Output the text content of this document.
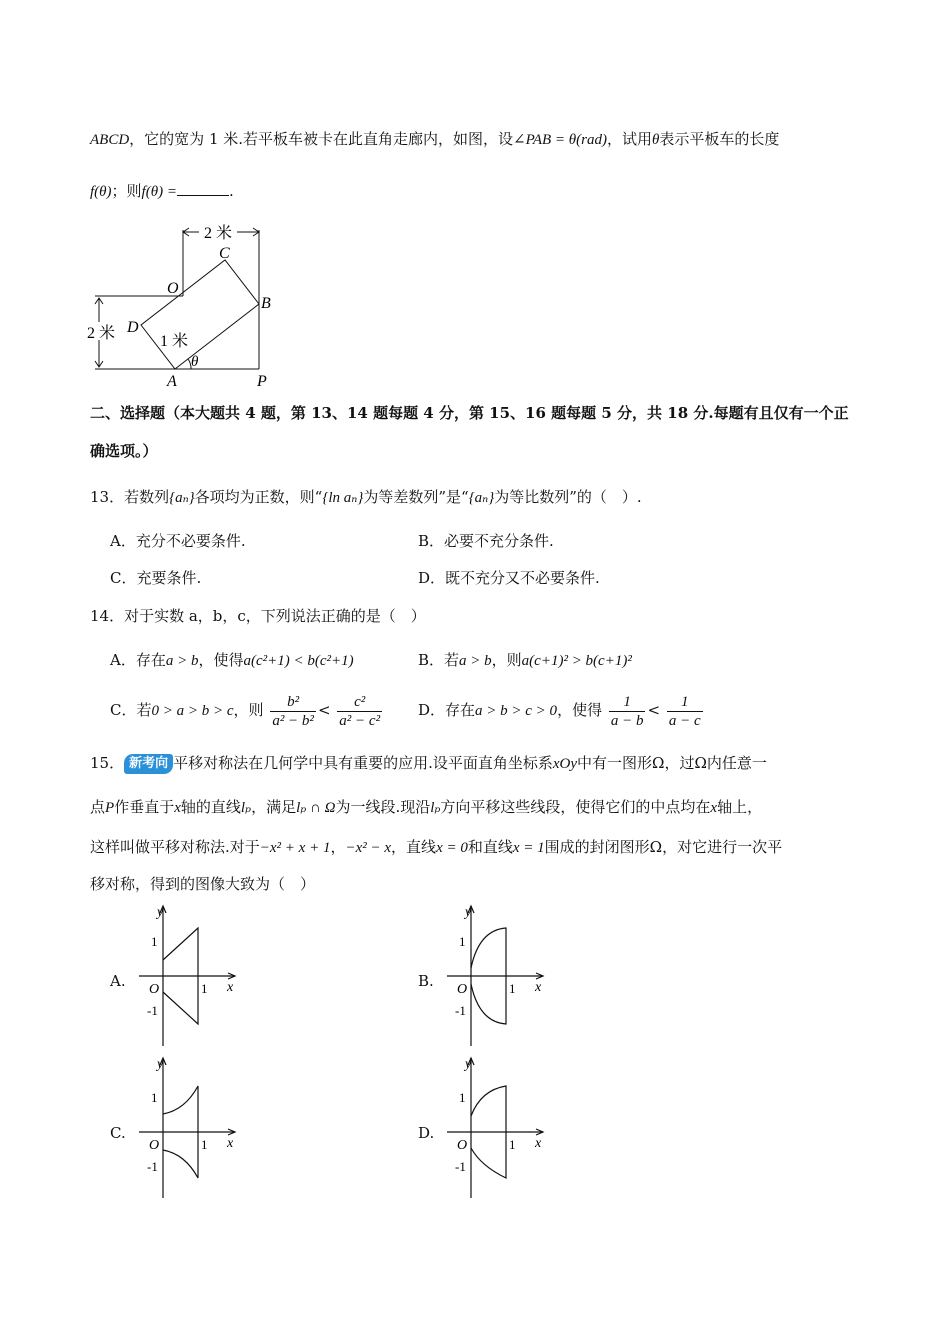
ABCD，它的宽为 1 米.若平板车被卡在此直角走廊内，如图，设∠PAB = θ(rad)，试用θ表示平板车的长度
f(θ)；则f(θ) =	.
2 米
2 米	1 米
C
O
B
D
A	P
θ
二、选择题（本大题共 4 题，第 13、14 题每题 4 分，第 15、16 题每题 5 分，共 18 分.每题有且仅有一个正
确选项。）
13．若数列{aₙ}各项均为正数，则“{ln aₙ}为等差数列”是“{aₙ}为等比数列”的（　）.
A．充分不必要条件.	B．必要不充分条件.
C．充要条件.	D．既不充分又不必要条件.
14．对于实数 a，b，c，下列说法正确的是（　）
A．存在a > b，使得a(c²+1) < b(c²+1)	B．若a > b，则a(c+1)² > b(c+1)²
C．若0 > a > b > c，则 $\frac{\text{b²}}{\text{a² − b²}} < \frac{\text{c²}}{\text{a² − c²}}$ D．存在a > b > c > 0，使得 $\frac{1}{a - b} < \frac{1}{a - c}$
15． 新考向 平移对称法在几何学中具有重要的应用.设平面直角坐标系xOy中有一图形Ω，过Ω内任意一
点P作垂直于x轴的直线lₚ，满足lₚ ∩ Ω为一线段.现沿lₚ方向平移这些线段，使得它们的中点均在x轴上，
这样叫做平移对称法.对于−x² + x + 1，−x² − x，直线x = 0和直线x = 1围成的封闭图形Ω，对它进行一次平
移对称，得到的图像大致为（　）
A.	B.
C.	D.
y
1
O	1 x
-1
y
1
O	1 x
-1
y
1
O	1 x
-1
y
1
O	1 x
-1
